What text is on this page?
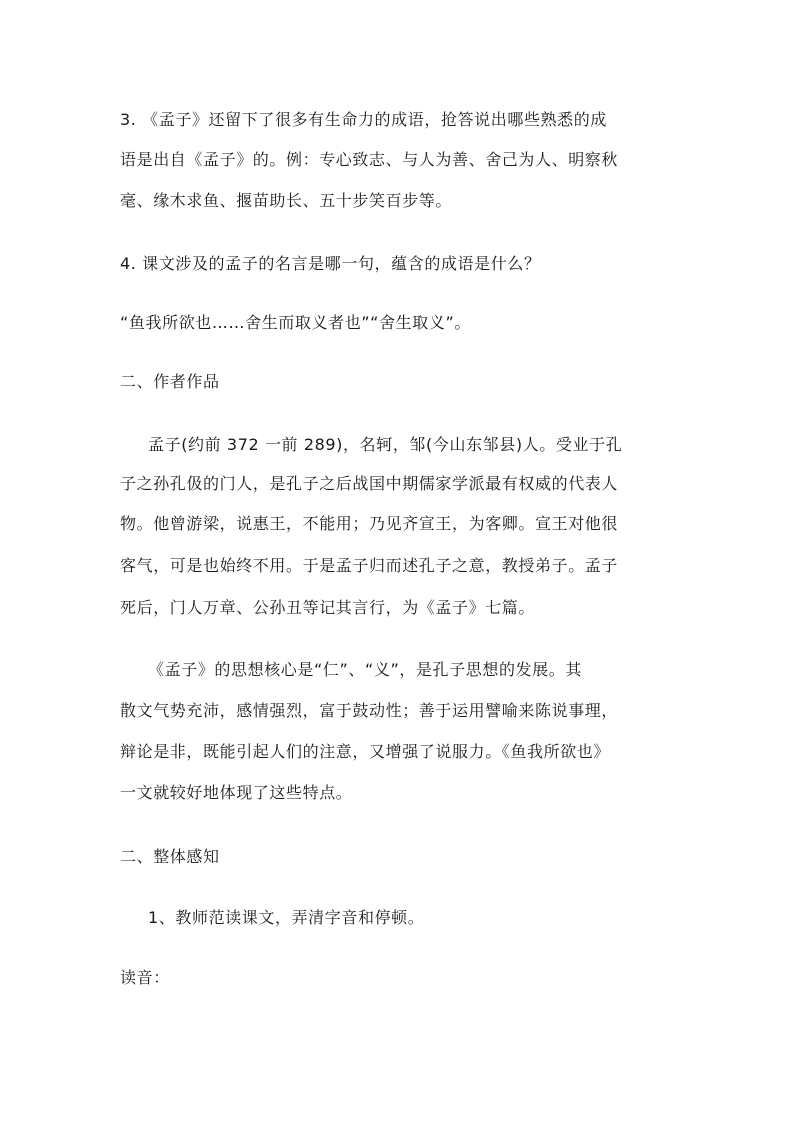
3. 《孟子》还留下了很多有生命力的成语，抢答说出哪些熟悉的成
语是出自《孟子》的。例：专心致志、与人为善、舍己为人、明察秋
毫、缘木求鱼、揠苗助长、五十步笑百步等。
4. 课文涉及的孟子的名言是哪一句，蕴含的成语是什么？
“鱼我所欲也……舍生而取义者也”“舍生取义”。
二、作者作品
孟子(约前 372 一前 289)，名轲，邹(今山东邹县)人。受业于孔
子之孙孔伋的门人，是孔子之后战国中期儒家学派最有权威的代表人
物。他曾游梁，说惠王，不能用；乃见齐宣王，为客卿。宣王对他很
客气，可是也始终不用。于是孟子归而述孔子之意，教授弟子。孟子
死后，门人万章、公孙丑等记其言行，为《孟子》七篇。
《孟子》的思想核心是“仁”、“义”，是孔子思想的发展。其
散文气势充沛，感情强烈，富于鼓动性；善于运用譬喻来陈说事理，
辩论是非，既能引起人们的注意，又增强了说服力。《鱼我所欲也》
一文就较好地体现了这些特点。
二、整体感知
1、教师范读课文，弄清字音和停顿。
读音：
